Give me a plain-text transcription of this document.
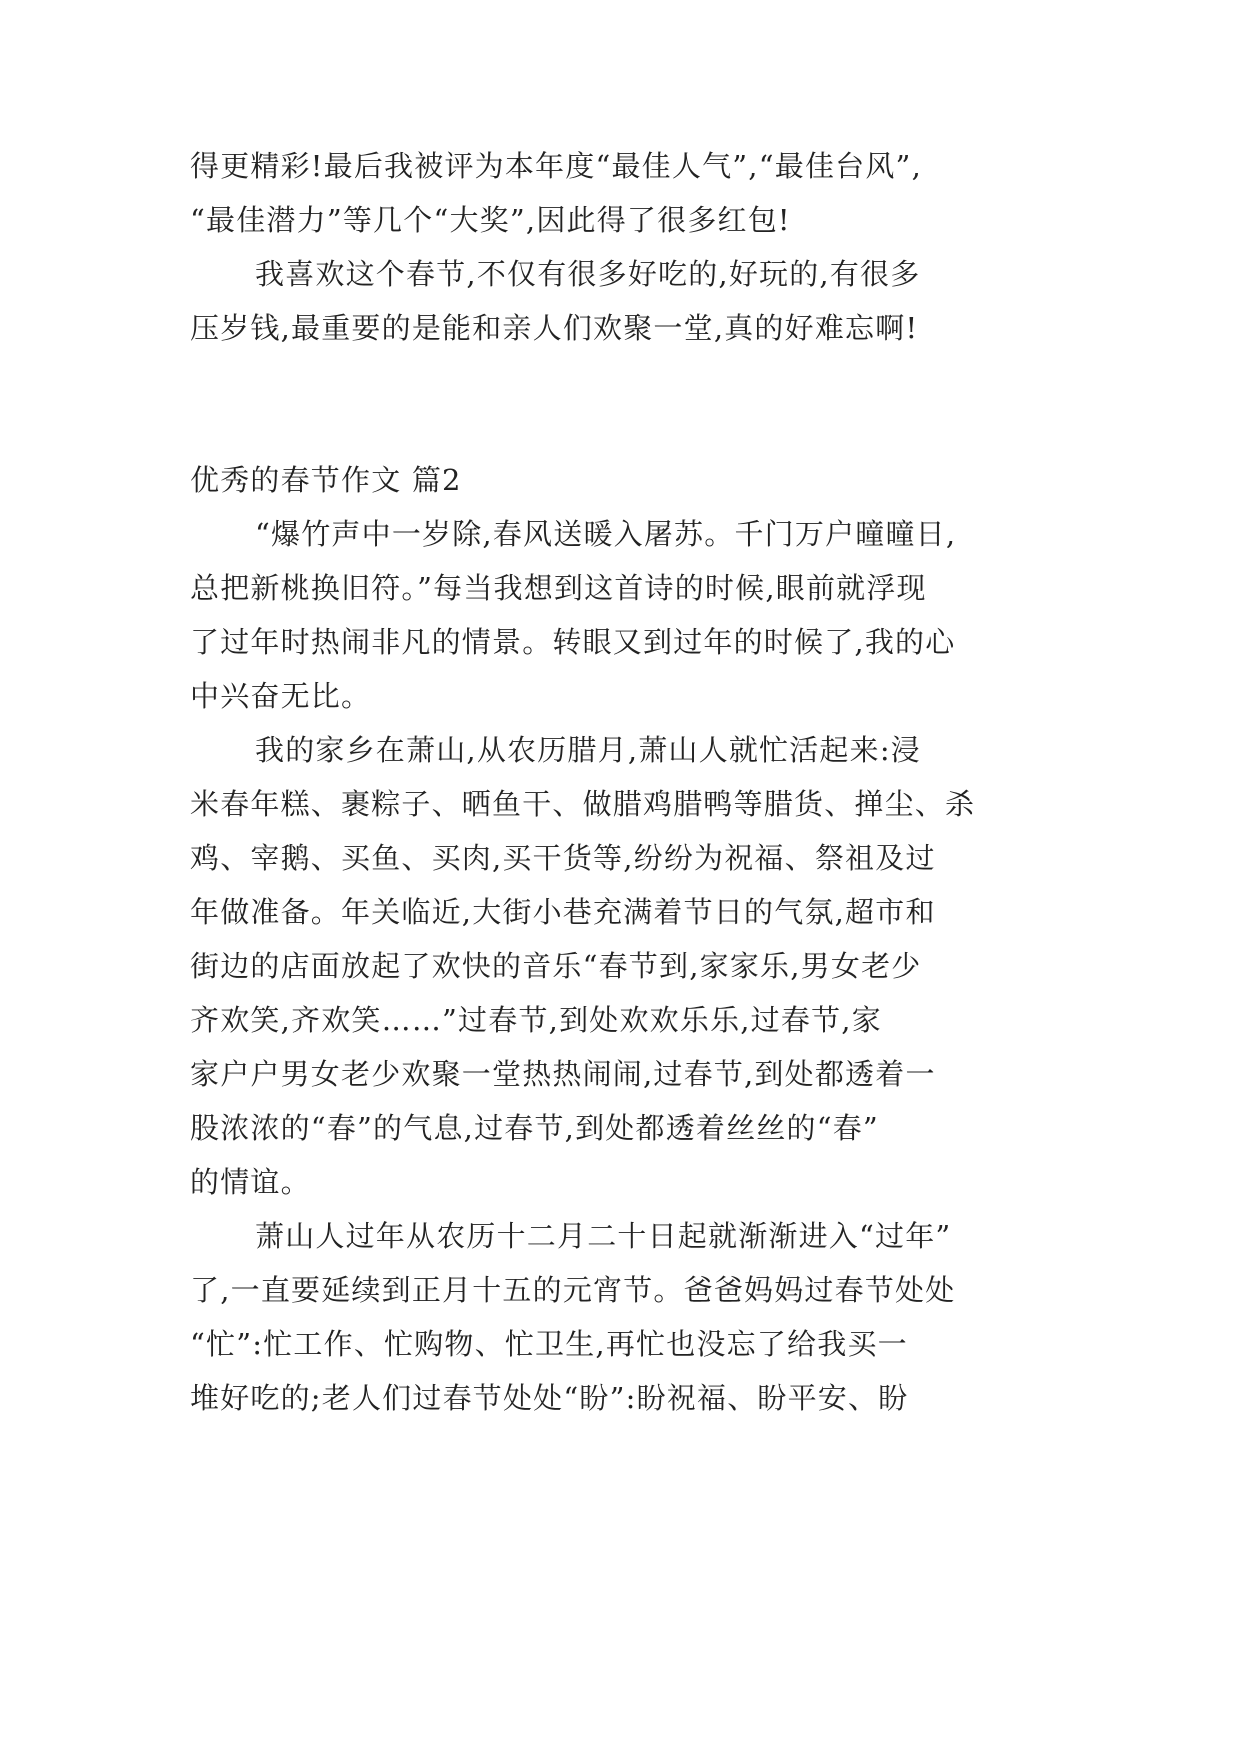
得更精彩!最后我被评为本年度“最佳人气”,“最佳台风”,
“最佳潜力”等几个“大奖”,因此得了很多红包!
我喜欢这个春节,不仅有很多好吃的,好玩的,有很多
压岁钱,最重要的是能和亲人们欢聚一堂,真的好难忘啊!
优秀的春节作文 篇2
“爆竹声中一岁除,春风送暖入屠苏。千门万户曈曈日,
总把新桃换旧符。”每当我想到这首诗的时候,眼前就浮现
了过年时热闹非凡的情景。转眼又到过年的时候了,我的心
中兴奋无比。
我的家乡在萧山,从农历腊月,萧山人就忙活起来:浸
米春年糕、裹粽子、晒鱼干、做腊鸡腊鸭等腊货、掸尘、杀
鸡、宰鹅、买鱼、买肉,买干货等,纷纷为祝福、祭祖及过
年做准备。年关临近,大街小巷充满着节日的气氛,超市和
街边的店面放起了欢快的音乐“春节到,家家乐,男女老少
齐欢笑,齐欢笑……”过春节,到处欢欢乐乐,过春节,家
家户户男女老少欢聚一堂热热闹闹,过春节,到处都透着一
股浓浓的“春”的气息,过春节,到处都透着丝丝的“春”
的情谊。
萧山人过年从农历十二月二十日起就渐渐进入“过年”
了,一直要延续到正月十五的元宵节。爸爸妈妈过春节处处
“忙”:忙工作、忙购物、忙卫生,再忙也没忘了给我买一
堆好吃的;老人们过春节处处“盼”:盼祝福、盼平安、盼
